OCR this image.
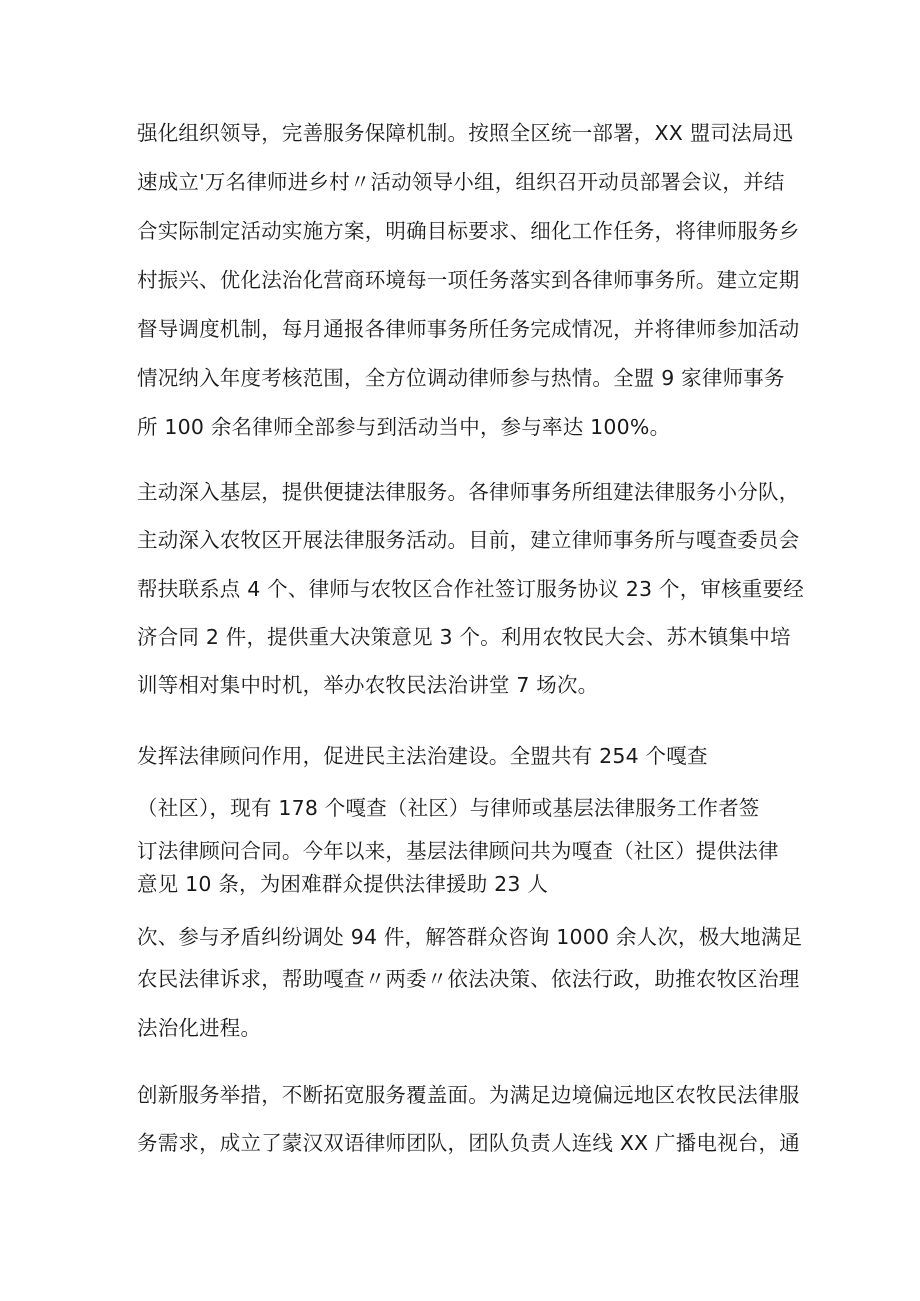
强化组织领导，完善服务保障机制。按照全区统一部署，XX 盟司法局迅
速成立'万名律师进乡村〃活动领导小组，组织召开动员部署会议，并结
合实际制定活动实施方案，明确目标要求、细化工作任务，将律师服务乡
村振兴、优化法治化营商环境每一项任务落实到各律师事务所。建立定期
督导调度机制，每月通报各律师事务所任务完成情况，并将律师参加活动
情况纳入年度考核范围，全方位调动律师参与热情。全盟 9 家律师事务
所 100 余名律师全部参与到活动当中，参与率达 100%。
主动深入基层，提供便捷法律服务。各律师事务所组建法律服务小分队，
主动深入农牧区开展法律服务活动。目前，建立律师事务所与嘎查委员会
帮扶联系点 4 个、律师与农牧区合作社签订服务协议 23 个，审核重要经
济合同 2 件，提供重大决策意见 3 个。利用农牧民大会、苏木镇集中培
训等相对集中时机，举办农牧民法治讲堂 7 场次。
发挥法律顾问作用，促进民主法治建设。全盟共有 254 个嘎查
（社区），现有 178 个嘎查（社区）与律师或基层法律服务工作者签
订法律顾问合同。今年以来，基层法律顾问共为嘎查（社区）提供法律
意见 10 条，为困难群众提供法律援助 23 人
次、参与矛盾纠纷调处 94 件，解答群众咨询 1000 余人次，极大地满足
农民法律诉求，帮助嘎查〃两委〃依法决策、依法行政，助推农牧区治理
法治化进程。
创新服务举措，不断拓宽服务覆盖面。为满足边境偏远地区农牧民法律服
务需求，成立了蒙汉双语律师团队，团队负责人连线 XX 广播电视台，通
